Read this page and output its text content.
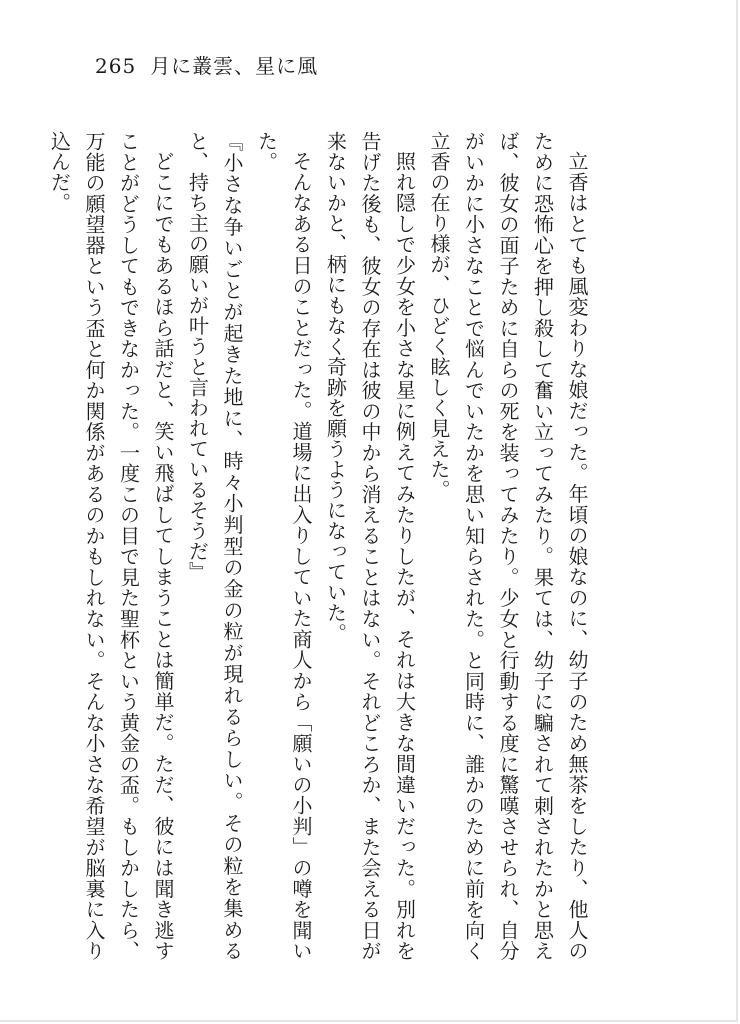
265 月に叢雲、星に風

立香はとても風変わりな娘だった。年頃の娘なのに、幼子のため無茶をしたり、他人のために恐怖心を押し殺して奮い立ってみたり。果ては、幼子に騙されて刺されたかと思えば、彼女の面子ために自らの死を装ってみたり。少女と行動する度に驚嘆させられ、自分がいかに小さなことで悩んでいたかを思い知らされた。と同時に、誰かのために前を向く立香の在り様が、ひどく眩しく見えた。

照れ隠しで少女を小さな星に例えてみたりしたが、それは大きな間違いだった。別れを告げた後も、彼女の存在は彼の中から消えることはない。それどころか、また会える日が来ないかと、柄にもなく奇跡を願うようになっていた。

そんなある日のことだった。道場に出入りしていた商人から「願いの小判」の噂を聞いた。

『小さな争いごとが起きた地に、時々小判型の金の粒が現れるらしい。その粒を集めると、持ち主の願いが叶うと言われているそうだ』

どこにでもあるほら話だと、笑い飛ばしてしまうことは簡単だ。ただ、彼には聞き逃すことがどうしてもできなかった。一度この目で見た聖杯という黄金の盃。もしかしたら、万能の願望器という盃と何か関係があるのかもしれない。そんな小さな希望が脳裏に入り込んだ。
